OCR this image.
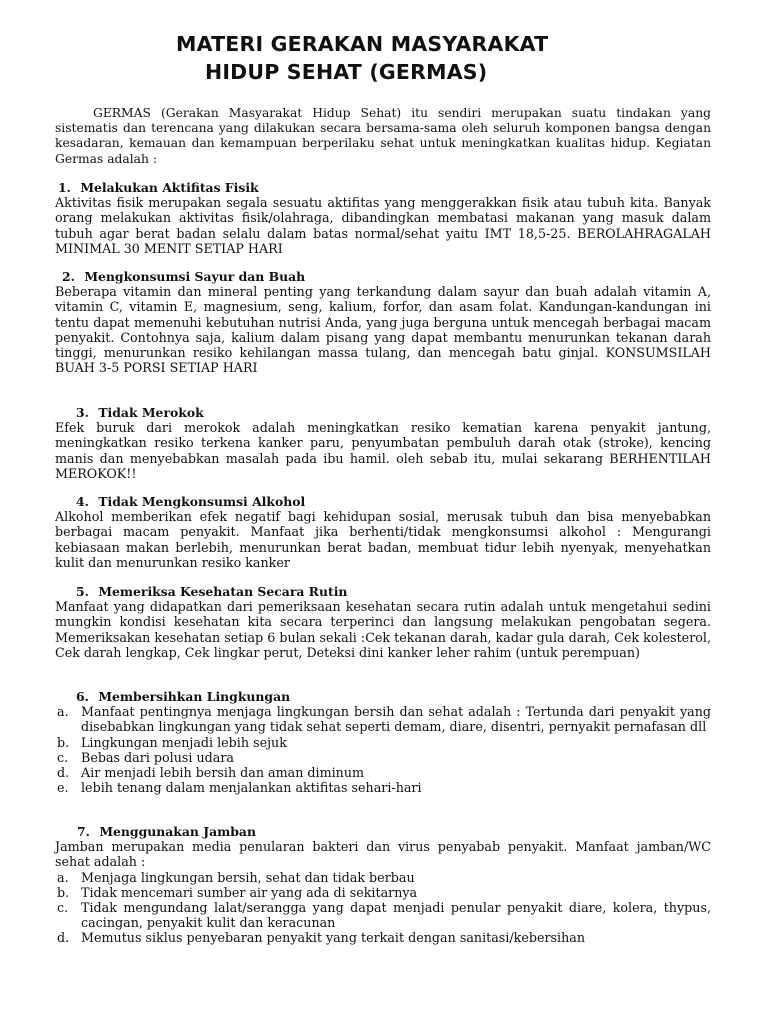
MATERI GERAKAN MASYARAKAT
HIDUP SEHAT (GERMAS)

GERMAS (Gerakan Masyarakat Hidup Sehat) itu sendiri merupakan suatu tindakan yang sistematis dan terencana yang dilakukan secara bersama-sama oleh seluruh komponen bangsa dengan kesadaran, kemauan dan kemampuan berperilaku sehat untuk meningkatkan kualitas hidup. Kegiatan Germas adalah :

1. Melakukan Aktifitas Fisik

Aktivitas fisik merupakan segala sesuatu aktifitas yang menggerakkan fisik atau tubuh kita. Banyak orang melakukan aktivitas fisik/olahraga, dibandingkan membatasi makanan yang masuk dalam tubuh agar berat badan selalu dalam batas normal/sehat yaitu IMT 18,5-25. BEROLAHRAGALAH MINIMAL 30 MENIT SETIAP HARI

2. Mengkonsumsi Sayur dan Buah

Beberapa vitamin dan mineral penting yang terkandung dalam sayur dan buah adalah vitamin A, vitamin C, vitamin E, magnesium, seng, kalium, forfor, dan asam folat. Kandungan-kandungan ini tentu dapat memenuhi kebutuhan nutrisi Anda, yang juga berguna untuk mencegah berbagai macam penyakit. Contohnya saja, kalium dalam pisang yang dapat membantu menurunkan tekanan darah tinggi, menurunkan resiko kehilangan massa tulang, dan mencegah batu ginjal. KONSUMSILAH BUAH 3-5 PORSI SETIAP HARI

3. Tidak Merokok

Efek buruk dari merokok adalah meningkatkan resiko kematian karena penyakit jantung, meningkatkan resiko terkena kanker paru, penyumbatan pembuluh darah otak (stroke), kencing manis dan menyebabkan masalah pada ibu hamil. oleh sebab itu, mulai sekarang BERHENTILAH MEROKOK!!

4. Tidak Mengkonsumsi Alkohol

Alkohol memberikan efek negatif bagi kehidupan sosial, merusak tubuh dan bisa menyebabkan berbagai macam penyakit. Manfaat jika berhenti/tidak mengkonsumsi alkohol : Mengurangi kebiasaan makan berlebih, menurunkan berat badan, membuat tidur lebih nyenyak, menyehatkan kulit dan menurunkan resiko kanker

5. Memeriksa Kesehatan Secara Rutin

Manfaat yang didapatkan dari pemeriksaan kesehatan secara rutin adalah untuk mengetahui sedini mungkin kondisi kesehatan kita secara terperinci dan langsung melakukan pengobatan segera. Memeriksakan kesehatan setiap 6 bulan sekali :Cek tekanan darah, kadar gula darah, Cek kolesterol, Cek darah lengkap, Cek lingkar perut, Deteksi dini kanker leher rahim (untuk perempuan)

6. Membersihkan Lingkungan
a. Manfaat pentingnya menjaga lingkungan bersih dan sehat adalah : Tertunda dari penyakit yang disebabkan lingkungan yang tidak sehat seperti demam, diare, disentri, pernyakit pernafasan dll
b. Lingkungan menjadi lebih sejuk
c. Bebas dari polusi udara
d. Air menjadi lebih bersih dan aman diminum
e. lebih tenang dalam menjalankan aktifitas sehari-hari
7. Menggunakan Jamban

Jamban merupakan media penularan bakteri dan virus penyabab penyakit. Manfaat jamban/WC sehat adalah :

a. Menjaga lingkungan bersih, sehat dan tidak berbau
b. Tidak mencemari sumber air yang ada di sekitarnya
c. Tidak mengundang lalat/serangga yang dapat menjadi penular penyakit diare, kolera, thypus, cacingan, penyakit kulit dan keracunan
d. Memutus siklus penyebaran penyakit yang terkait dengan sanitasi/kebersihan
